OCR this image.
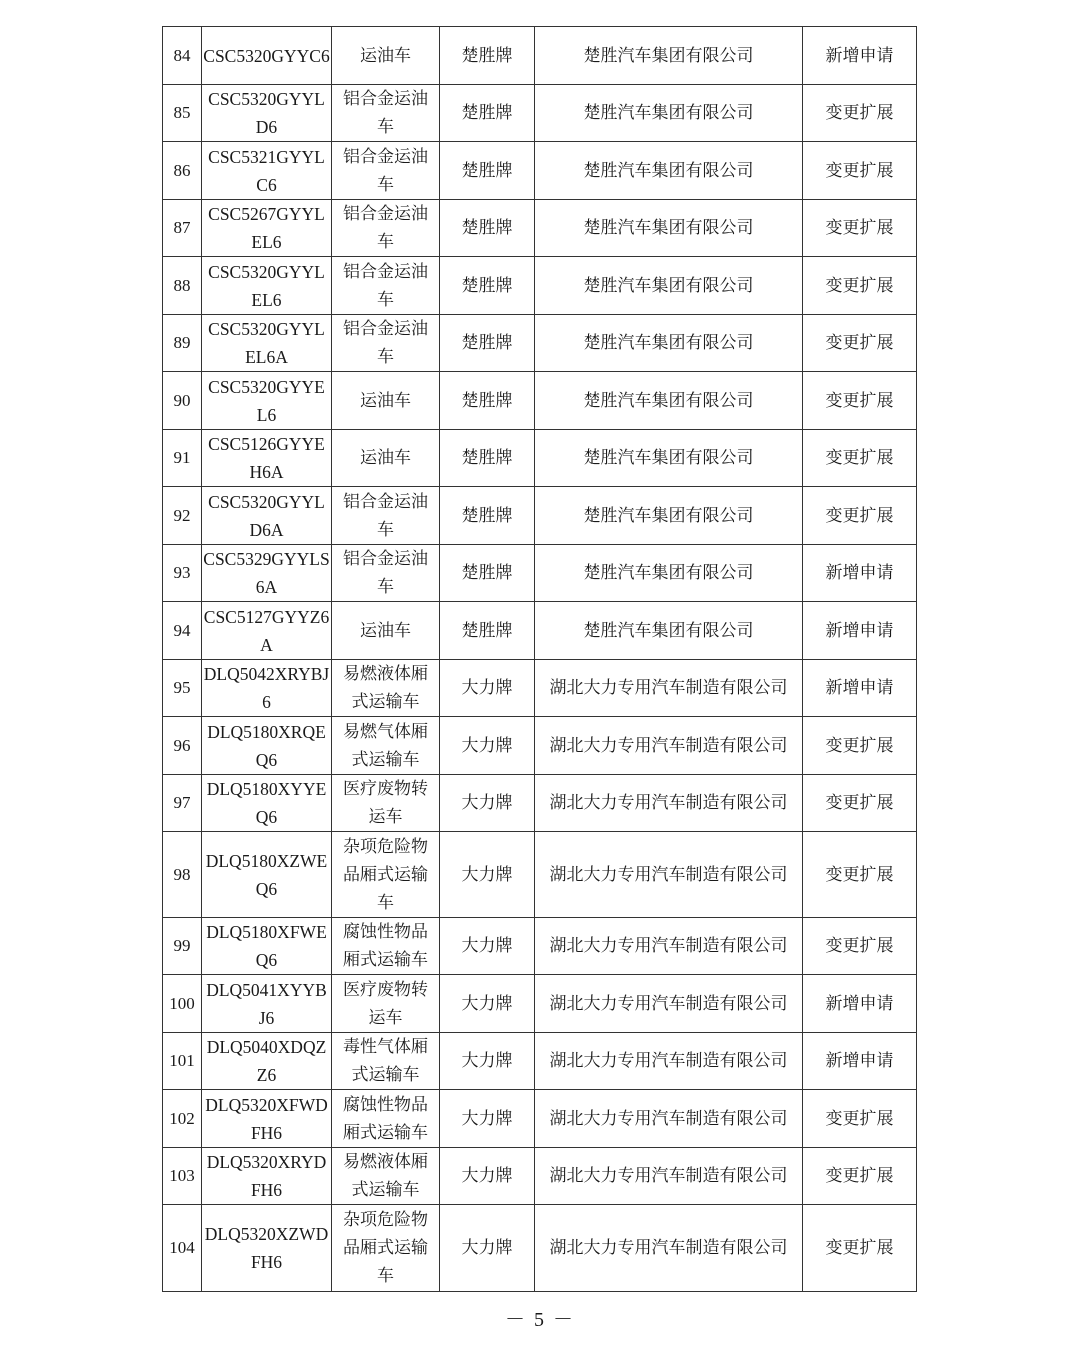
84	CSC5320GYYC6	运油车	楚胜牌	楚胜汽车集团有限公司	新增申请
85	CSC5320GYYLD6	铝合金运油车	楚胜牌	楚胜汽车集团有限公司	变更扩展
86	CSC5321GYYLC6	铝合金运油车	楚胜牌	楚胜汽车集团有限公司	变更扩展
87	CSC5267GYYLEL6	铝合金运油车	楚胜牌	楚胜汽车集团有限公司	变更扩展
88	CSC5320GYYLEL6	铝合金运油车	楚胜牌	楚胜汽车集团有限公司	变更扩展
89	CSC5320GYYLEL6A	铝合金运油车	楚胜牌	楚胜汽车集团有限公司	变更扩展
90	CSC5320GYYEL6	运油车	楚胜牌	楚胜汽车集团有限公司	变更扩展
91	CSC5126GYYEH6A	运油车	楚胜牌	楚胜汽车集团有限公司	变更扩展
92	CSC5320GYYLD6A	铝合金运油车	楚胜牌	楚胜汽车集团有限公司	变更扩展
93	CSC5329GYYLS6A	铝合金运油车	楚胜牌	楚胜汽车集团有限公司	新增申请
94	CSC5127GYYZ6A	运油车	楚胜牌	楚胜汽车集团有限公司	新增申请
95	DLQ5042XRYBJ6	易燃液体厢式运输车	大力牌	湖北大力专用汽车制造有限公司	新增申请
96	DLQ5180XRQEQ6	易燃气体厢式运输车	大力牌	湖北大力专用汽车制造有限公司	变更扩展
97	DLQ5180XYYEQ6	医疗废物转运车	大力牌	湖北大力专用汽车制造有限公司	变更扩展
98	DLQ5180XZWEQ6	杂项危险物品厢式运输车	大力牌	湖北大力专用汽车制造有限公司	变更扩展
99	DLQ5180XFWEQ6	腐蚀性物品厢式运输车	大力牌	湖北大力专用汽车制造有限公司	变更扩展
100	DLQ5041XYYBJ6	医疗废物转运车	大力牌	湖北大力专用汽车制造有限公司	新增申请
101	DLQ5040XDQZZ6	毒性气体厢式运输车	大力牌	湖北大力专用汽车制造有限公司	新增申请
102	DLQ5320XFWDFH6	腐蚀性物品厢式运输车	大力牌	湖北大力专用汽车制造有限公司	变更扩展
103	DLQ5320XRYDFH6	易燃液体厢式运输车	大力牌	湖北大力专用汽车制造有限公司	变更扩展
104	DLQ5320XZWDFH6	杂项危险物品厢式运输车	大力牌	湖北大力专用汽车制造有限公司	变更扩展
－ 5 －
